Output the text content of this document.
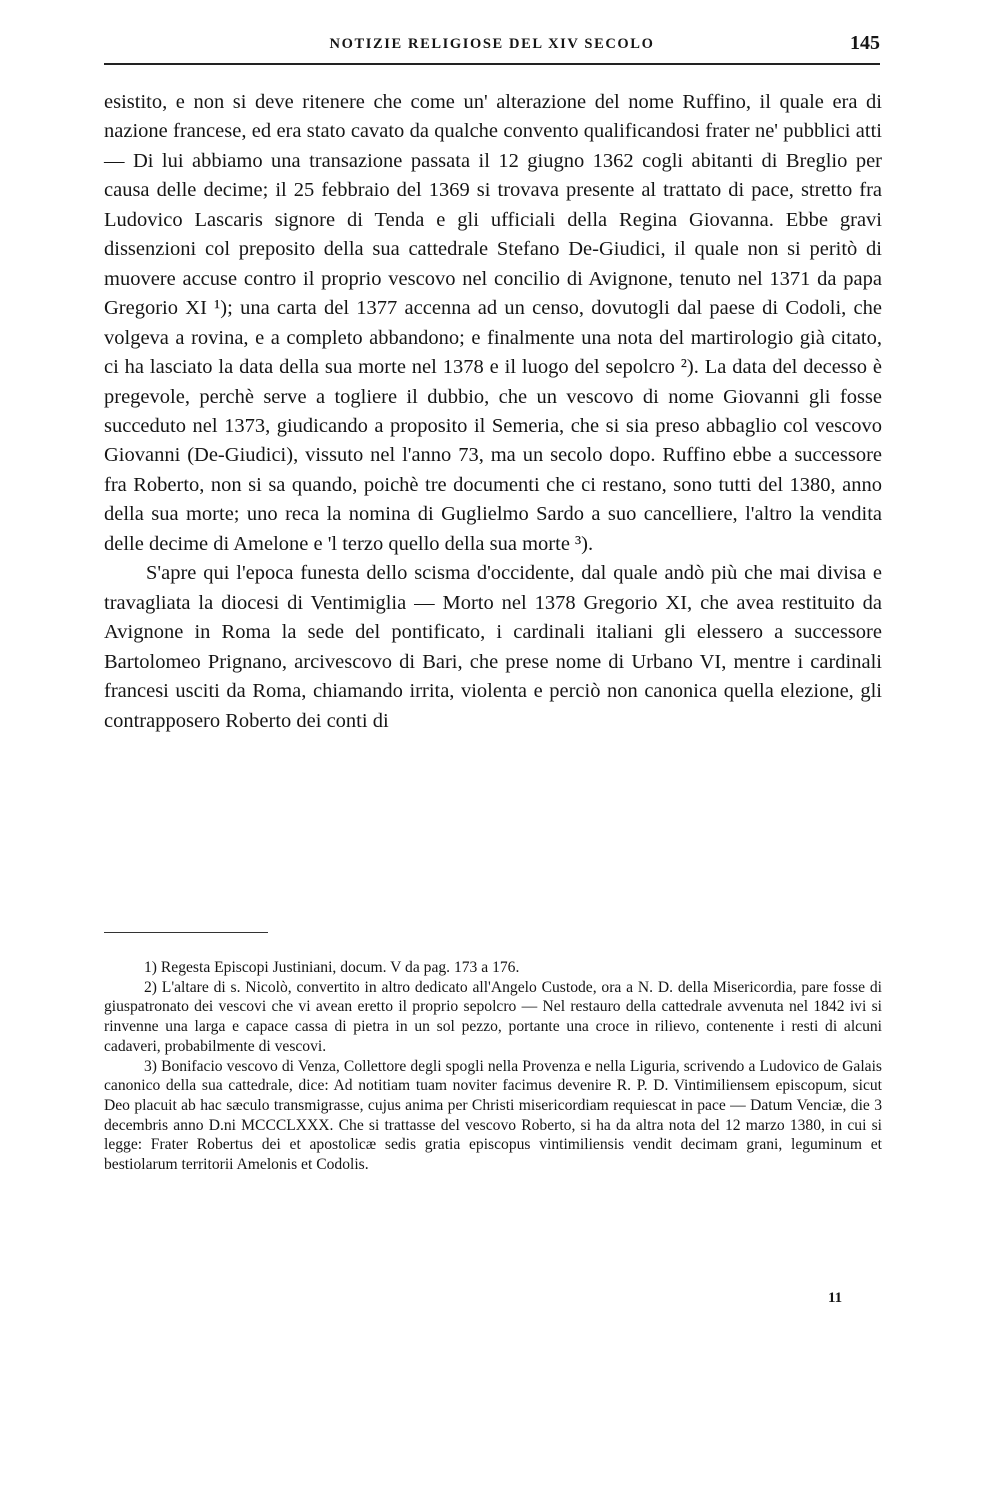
NOTIZIE RELIGIOSE DEL XIV SECOLO	145

esistito, e non si deve ritenere che come un' alterazione del nome Ruffino, il quale era di nazione francese, ed era stato cavato da qualche convento qualificandosi frater ne' pubblici atti — Di lui abbiamo una transazione passata il 12 giugno 1362 cogli abitanti di Breglio per causa delle decime; il 25 febbraio del 1369 si trovava presente al trattato di pace, stretto fra Ludovico Lascaris signore di Tenda e gli ufficiali della Regina Giovanna. Ebbe gravi dissenzioni col preposito della sua cattedrale Stefano De-Giudici, il quale non si peritò di muovere accuse contro il proprio vescovo nel concilio di Avignone, tenuto nel 1371 da papa Gregorio XI ¹); una carta del 1377 accenna ad un censo, dovutogli dal paese di Codoli, che volgeva a rovina, e a completo abbandono; e finalmente una nota del martirologio già citato, ci ha lasciato la data della sua morte nel 1378 e il luogo del sepolcro ²). La data del decesso è pregevole, perchè serve a togliere il dubbio, che un vescovo di nome Giovanni gli fosse succeduto nel 1373, giudicando a proposito il Semeria, che si sia preso abbaglio col vescovo Giovanni (De-Giudici), vissuto nel l'anno 73, ma un secolo dopo. Ruffino ebbe a successore fra Roberto, non si sa quando, poichè tre documenti che ci restano, sono tutti del 1380, anno della sua morte; uno reca la nomina di Guglielmo Sardo a suo cancelliere, l'altro la vendita delle decime di Amelone e 'l terzo quello della sua morte ³).

S'apre qui l'epoca funesta dello scisma d'occidente, dal quale andò più che mai divisa e travagliata la diocesi di Ventimiglia — Morto nel 1378 Gregorio XI, che avea restituito da Avignone in Roma la sede del pontificato, i cardinali italiani gli elessero a successore Bartolomeo Prignano, arcivescovo di Bari, che prese nome di Urbano VI, mentre i cardinali francesi usciti da Roma, chiamando irrita, violenta e perciò non canonica quella elezione, gli contrapposero Roberto dei conti di

1) Regesta Episcopi Justiniani, docum. V da pag. 173 a 176.

2) L'altare di s. Nicolò, convertito in altro dedicato all'Angelo Custode, ora a N. D. della Misericordia, pare fosse di giuspatronato dei vescovi che vi avean eretto il proprio sepolcro — Nel restauro della cattedrale avvenuta nel 1842 ivi si rinvenne una larga e capace cassa di pietra in un sol pezzo, portante una croce in rilievo, contenente i resti di alcuni cadaveri, probabilmente di vescovi.

3) Bonifacio vescovo di Venza, Collettore degli spogli nella Provenza e nella Liguria, scrivendo a Ludovico de Galais canonico della sua cattedrale, dice: Ad notitiam tuam noviter facimus devenire R. P. D. Vintimiliensem episcopum, sicut Deo placuit ab hac sæculo transmigrasse, cujus anima per Christi misericordiam requiescat in pace — Datum Venciæ, die 3 decembris anno D.ni MCCCLXXX. Che si trattasse del vescovo Roberto, si ha da altra nota del 12 marzo 1380, in cui si legge: Frater Robertus dei et apostolicæ sedis gratia episcopus vintimiliensis vendit decimam grani, leguminum et bestiolarum territorii Amelonis et Codolis.

11
